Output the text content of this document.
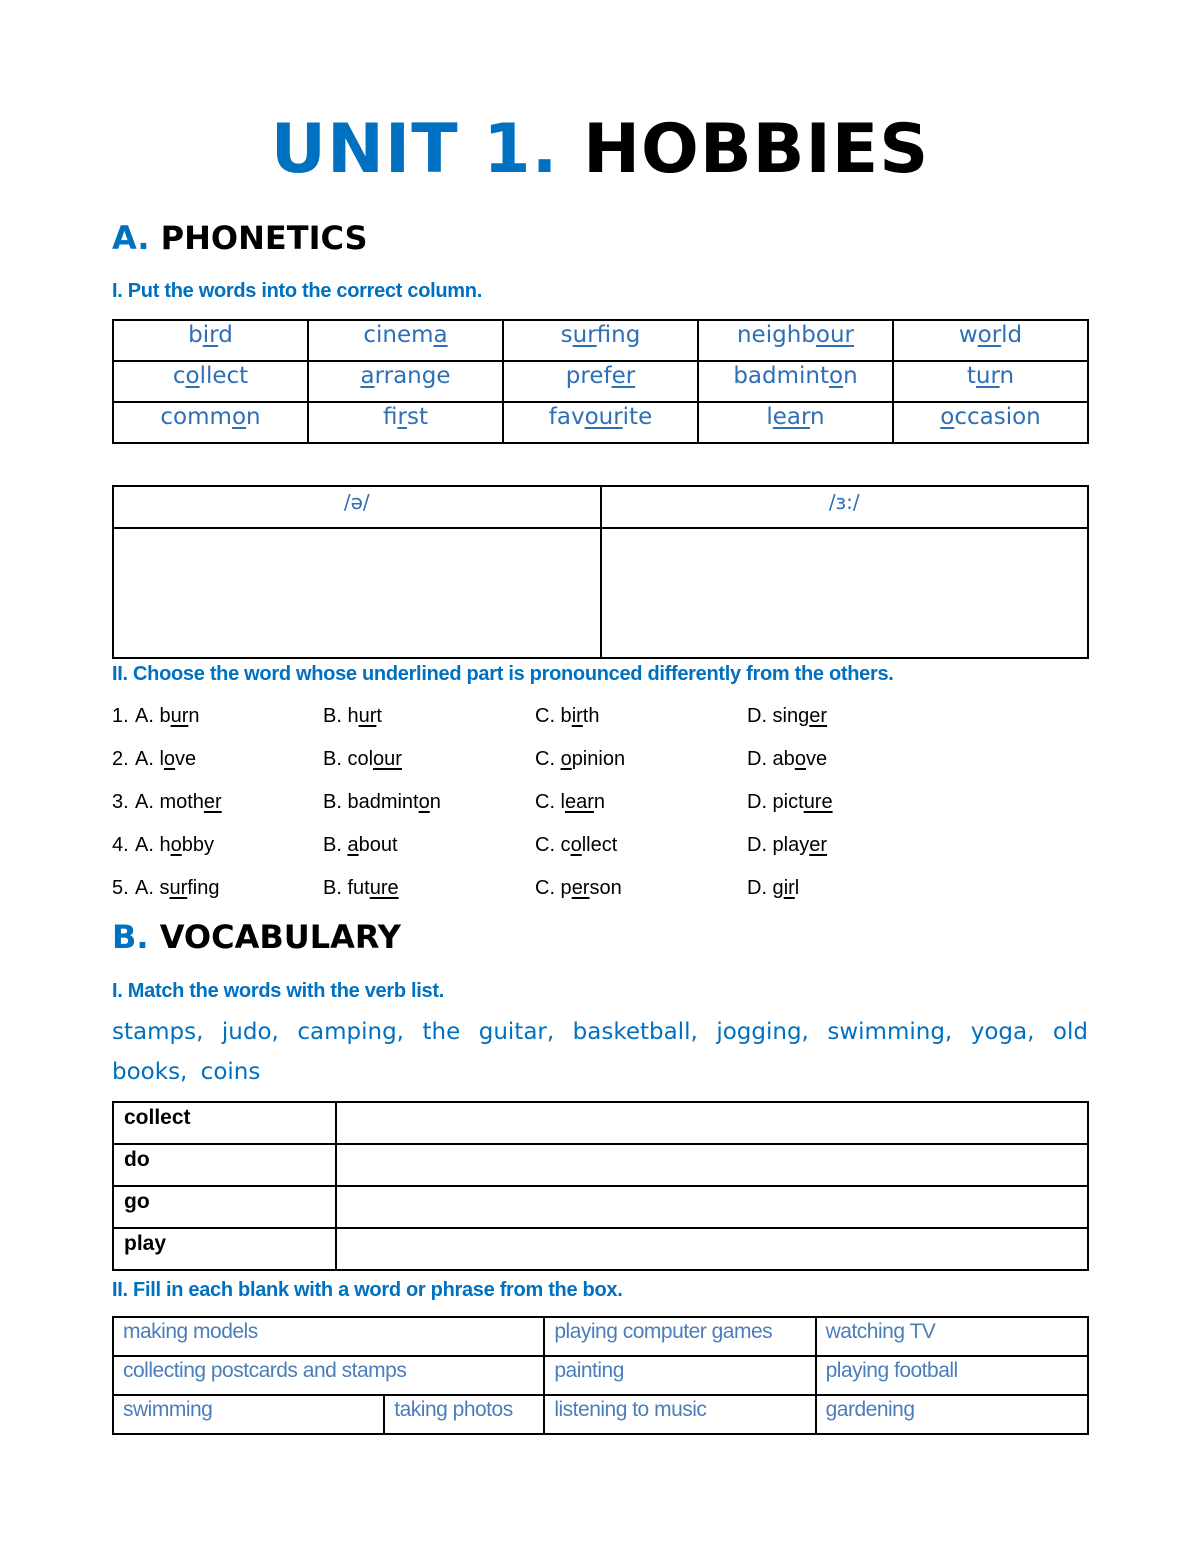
UNIT 1. HOBBIES
A. PHONETICS
I. Put the words into the correct column.
bird	cinema	surfing	neighbour	world
collect	arrange	prefer	badminton	turn
common	first	favourite	learn	occasion
/ə/	/ɜ:/

II. Choose the word whose underlined part is pronounced differently from the others.
1. A. burn	B. hurt	C. birth	D. singer
2. A. love	B. colour	C. opinion	D. above
3. A. mother	B. badminton	C. learn	D. picture
4. A. hobby	B. about	C. collect	D. player
5. A. surfing	B. future	C. person	D. girl
B. VOCABULARY
I. Match the words with the verb list.
stamps, judo, camping, the guitar, basketball, jogging, swimming, yoga, old books, coins
collect	
do	
go	
play	
II. Fill in each blank with a word or phrase from the box.
making models		playing computer games	watching TV
collecting postcards and stamps		painting	playing football
swimming	taking photos	listening to music	gardening
